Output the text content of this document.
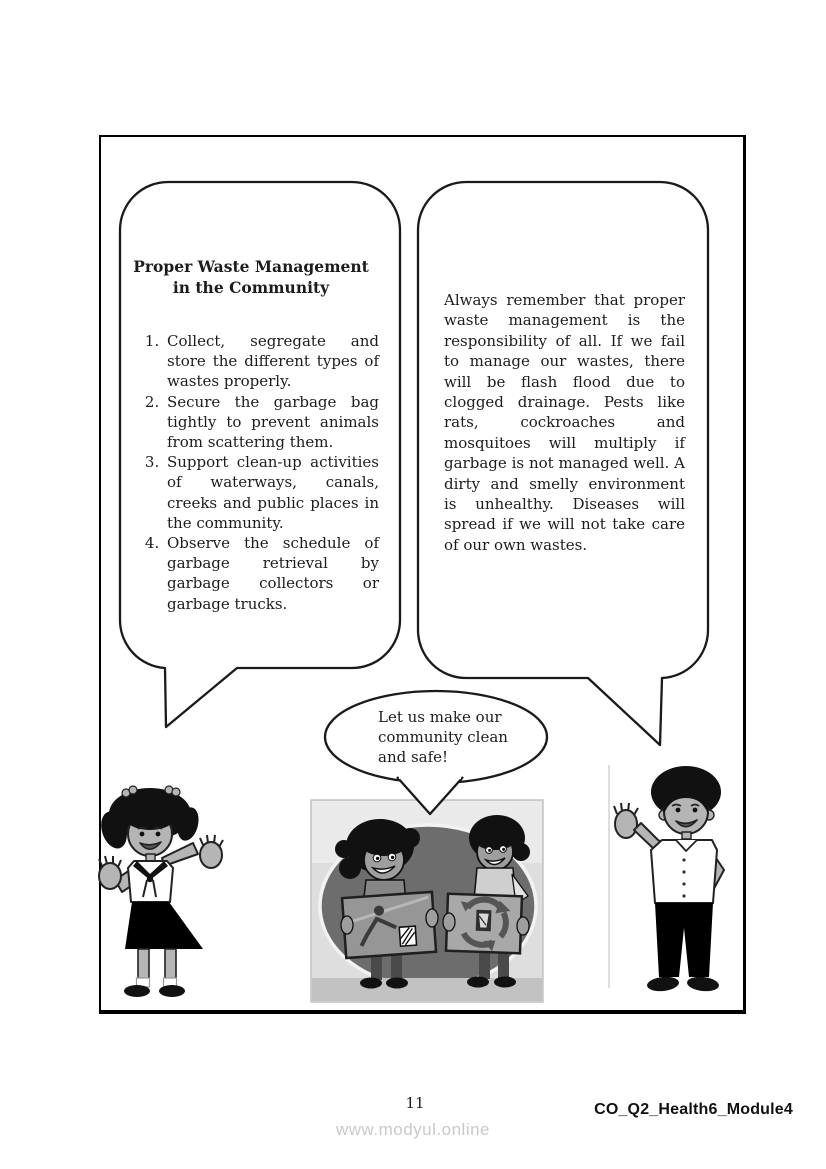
Proper Waste Management
in the Community
1. Collect, segregate and store the different types of wastes properly.
2. Secure the garbage bag tightly to prevent animals from scattering them.
3. Support clean-up activities of waterways, canals, creeks and public places in the community.
4. Observe the schedule of garbage retrieval by garbage collectors or garbage trucks.
Always remember that proper waste management is the responsibility of all. If we fail to manage our wastes, there will be flash flood due to clogged drainage. Pests like rats, cockroaches and mosquitoes will multiply if garbage is not managed well. A dirty and smelly environment is unhealthy. Diseases will spread if we will not take care of our own wastes.
Let us make our
community clean
and safe!
11
www.modyul.online
CO_Q2_Health6_Module4
